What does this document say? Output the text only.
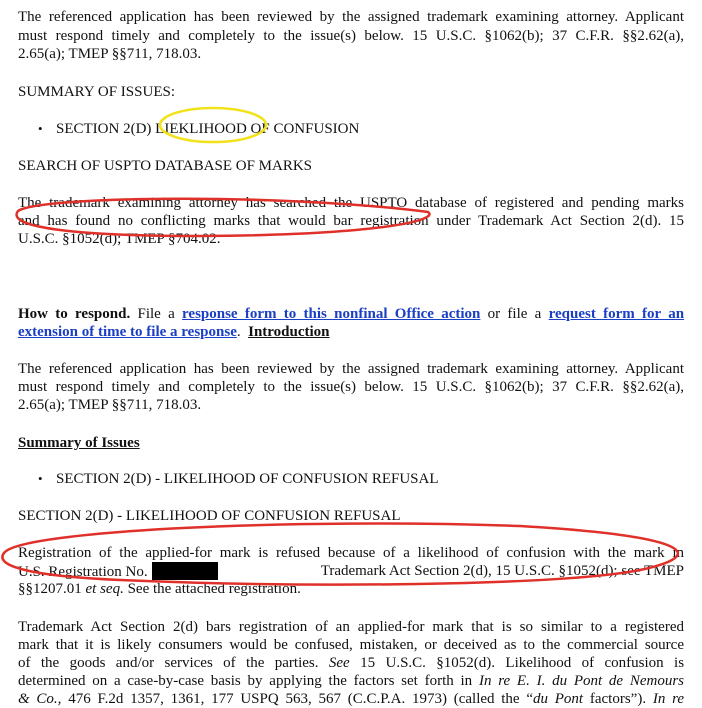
The referenced application has been reviewed by the assigned trademark examining attorney. Applicant
must respond timely and completely to the issue(s) below. 15 U.S.C. §1062(b); 37 C.F.R. §§2.62(a),
2.65(a); TMEP §§711, 718.03.
SUMMARY OF ISSUES:
• SECTION 2(D) LIEKLIHOOD OF CONFUSION
SEARCH OF USPTO DATABASE OF MARKS
The trademark examining attorney has searched the USPTO database of registered and pending marks
and has found no conflicting marks that would bar registration under Trademark Act Section 2(d). 15
U.S.C. §1052(d); TMEP §704.02.
How to respond. File a response form to this nonfinal Office action or file a request form for an
extension of time to file a response. Introduction
The referenced application has been reviewed by the assigned trademark examining attorney. Applicant
must respond timely and completely to the issue(s) below. 15 U.S.C. §1062(b); 37 C.F.R. §§2.62(a),
2.65(a); TMEP §§711, 718.03.
Summary of Issues
• SECTION 2(D) - LIKELIHOOD OF CONFUSION REFUSAL
SECTION 2(D) - LIKELIHOOD OF CONFUSION REFUSAL
Registration of the applied-for mark is refused because of a likelihood of confusion with the mark in
U.S. Registration No.	Trademark Act Section 2(d), 15 U.S.C. §1052(d); see TMEP
§§1207.01 et seq. See the attached registration.
Trademark Act Section 2(d) bars registration of an applied-for mark that is so similar to a registered
mark that it is likely consumers would be confused, mistaken, or deceived as to the commercial source
of the goods and/or services of the parties. See 15 U.S.C. §1052(d). Likelihood of confusion is
determined on a case-by-case basis by applying the factors set forth in In re E. I. du Pont de Nemours
& Co., 476 F.2d 1357, 1361, 177 USPQ 563, 567 (C.C.P.A. 1973) (called the “du Pont factors”). In re
